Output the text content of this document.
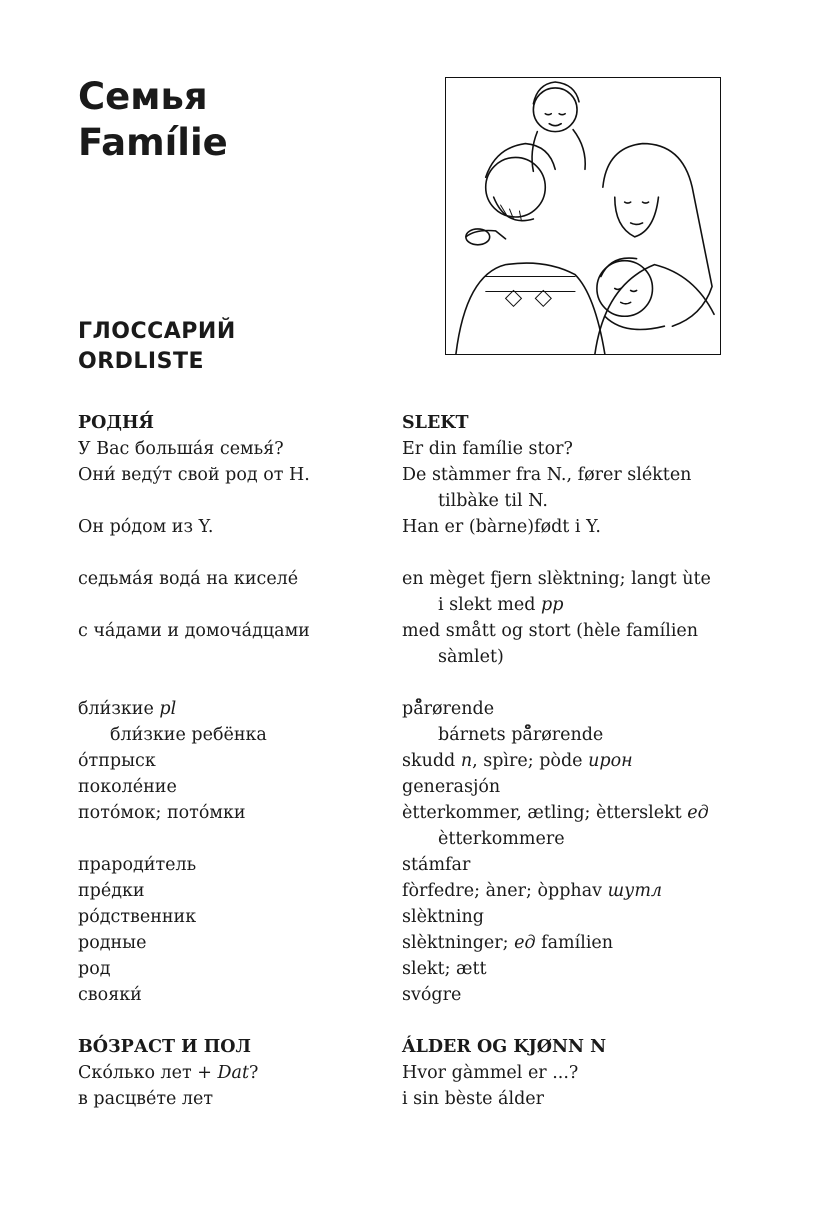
Семья
Famílie
ГЛОССАРИЙ
ORDLISTE
РОДНЯ́	SLEKT
У Вас больша́я семья́?	Er din famílie stor?
Они́ веду́т свой род от Н.	De stàmmer fra N., fører slékten
tilbàke til N.
Он ро́дом из Y.	Han er (bàrne)født i Y.
седьма́я вода́ на киселе́	en mèget fjern slèktning; langt ùte
i slekt med pp
с ча́дами и домоча́дцами	med smått og stort (hèle famílien
sàmlet)
бли́зкие pl	på̊rørende
бли́зкие ребёнка	bárnets på̊rørende
о́тпрыск	skudd n, spìre; pòde ирон
поколе́ние	generasjón
пото́мок; пото́мки	ètterkommer, ætling; ètterslekt ед
ètterkommere
прароди́тель	stámfar
пре́дки	fòrfedre; àner; òpphav шутл
ро́дственник	slèktning
родные	slèktninger; ед famílien
род	slekt; ætt
свояки́	svógre
ВО́ЗРАСТ И ПОЛ	ÁLDER OG KJØNN N
Ско́лько лет + Dat?	Hvor gàmmel er ...?
в расцве́те лет	i sin bèste álder
